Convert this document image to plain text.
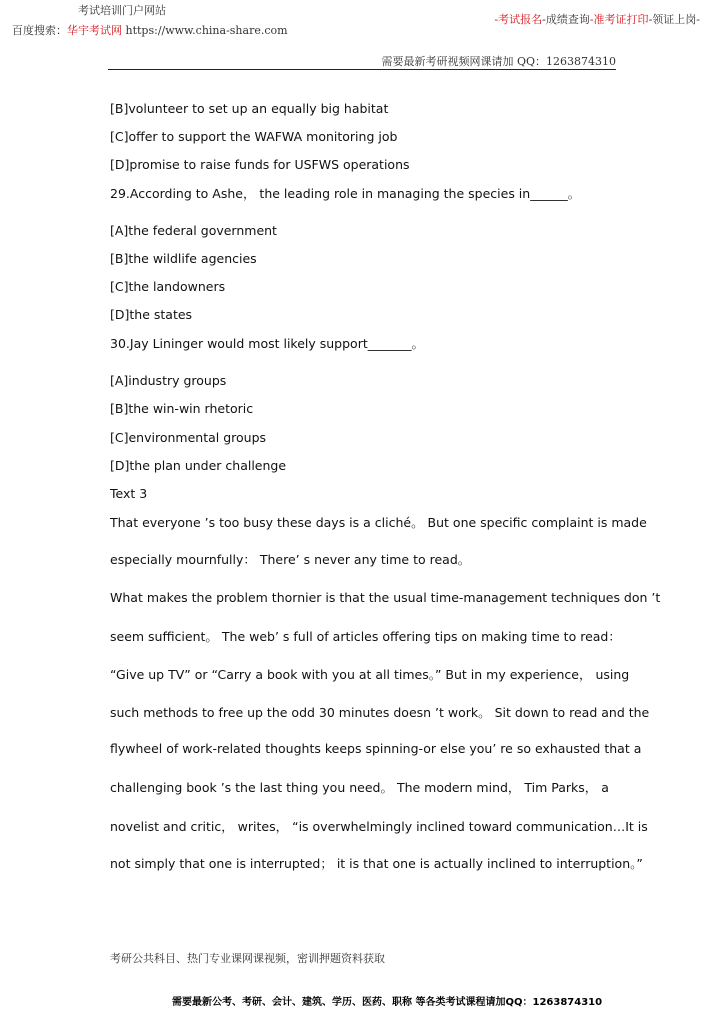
考试培训门户网站
百度搜索：华宇考试网 https://www.china-share.com
-考试报名-成绩查询-准考证打印-领证上岗-
需要最新考研视频网课请加 QQ：1263874310
[B]volunteer to set up an equally big habitat
[C]offer to support the WAFWA monitoring job
[D]promise to raise funds for USFWS operations
29.According to Ashe， the leading role in managing the species in______。
[A]the federal government
[B]the wildlife agencies
[C]the landowners
[D]the states
30.Jay Lininger would most likely support_______。
[A]industry groups
[B]the win-win rhetoric
[C]environmental groups
[D]the plan under challenge
Text 3
That everyone ’s too busy these days is a cliché。 But one specific complaint is made
especially mournfully： There’ s never any time to read。
What makes the problem thornier is that the usual time-management techniques don ’t
seem sufficient。 The web’ s full of articles offering tips on making time to read：
“Give up TV” or “Carry a book with you at all times。” But in my experience， using
such methods to free up the odd 30 minutes doesn ’t work。 Sit down to read and the
flywheel of work-related thoughts keeps spinning-or else you’ re so exhausted that a
challenging book ’s the last thing you need。 The modern mind， Tim Parks， a
novelist and critic， writes， “is overwhelmingly inclined toward communication…It is
not simply that one is interrupted； it is that one is actually inclined to interruption。”
考研公共科目、热门专业课网课视频，密训押题资料获取
需要最新公考、考研、会计、建筑、学历、医药、职称 等各类考试课程请加QQ：1263874310
